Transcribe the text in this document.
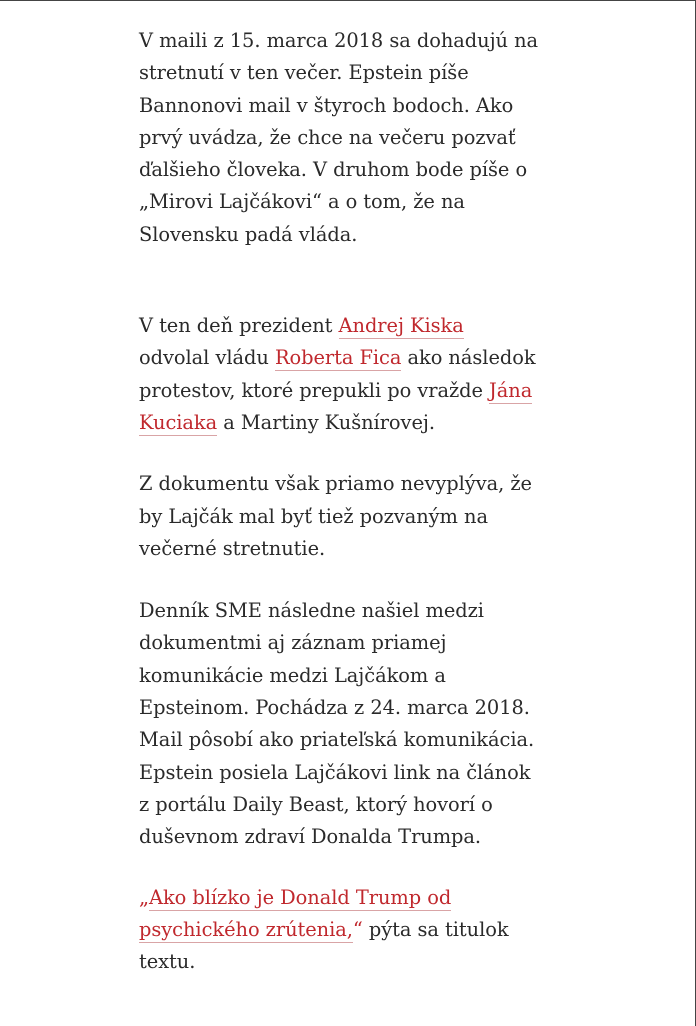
V maili z 15. marca 2018 sa dohadujú na stretnutí v ten večer. Epstein píše Bannonovi mail v štyroch bodoch. Ako prvý uvádza, že chce na večeru pozvať ďalšieho človeka. V druhom bode píše o „Mirovi Lajčákovi“ a o tom, že na Slovensku padá vláda.

V ten deň prezident Andrej Kiska odvolal vládu Roberta Fica ako následok protestov, ktoré prepukli po vražde Jána Kuciaka a Martiny Kušnírovej.

Z dokumentu však priamo nevyplýva, že by Lajčák mal byť tiež pozvaným na večerné stretnutie.

Denník SME následne našiel medzi dokumentmi aj záznam priamej komunikácie medzi Lajčákom a Epsteinom. Pochádza z 24. marca 2018.

Mail pôsobí ako priateľská komunikácia. Epstein posiela Lajčákovi link na článok z portálu Daily Beast, ktorý hovorí o duševnom zdraví Donalda Trumpa.

„Ako blízko je Donald Trump od psychického zrútenia,“ pýta sa titulok textu.
